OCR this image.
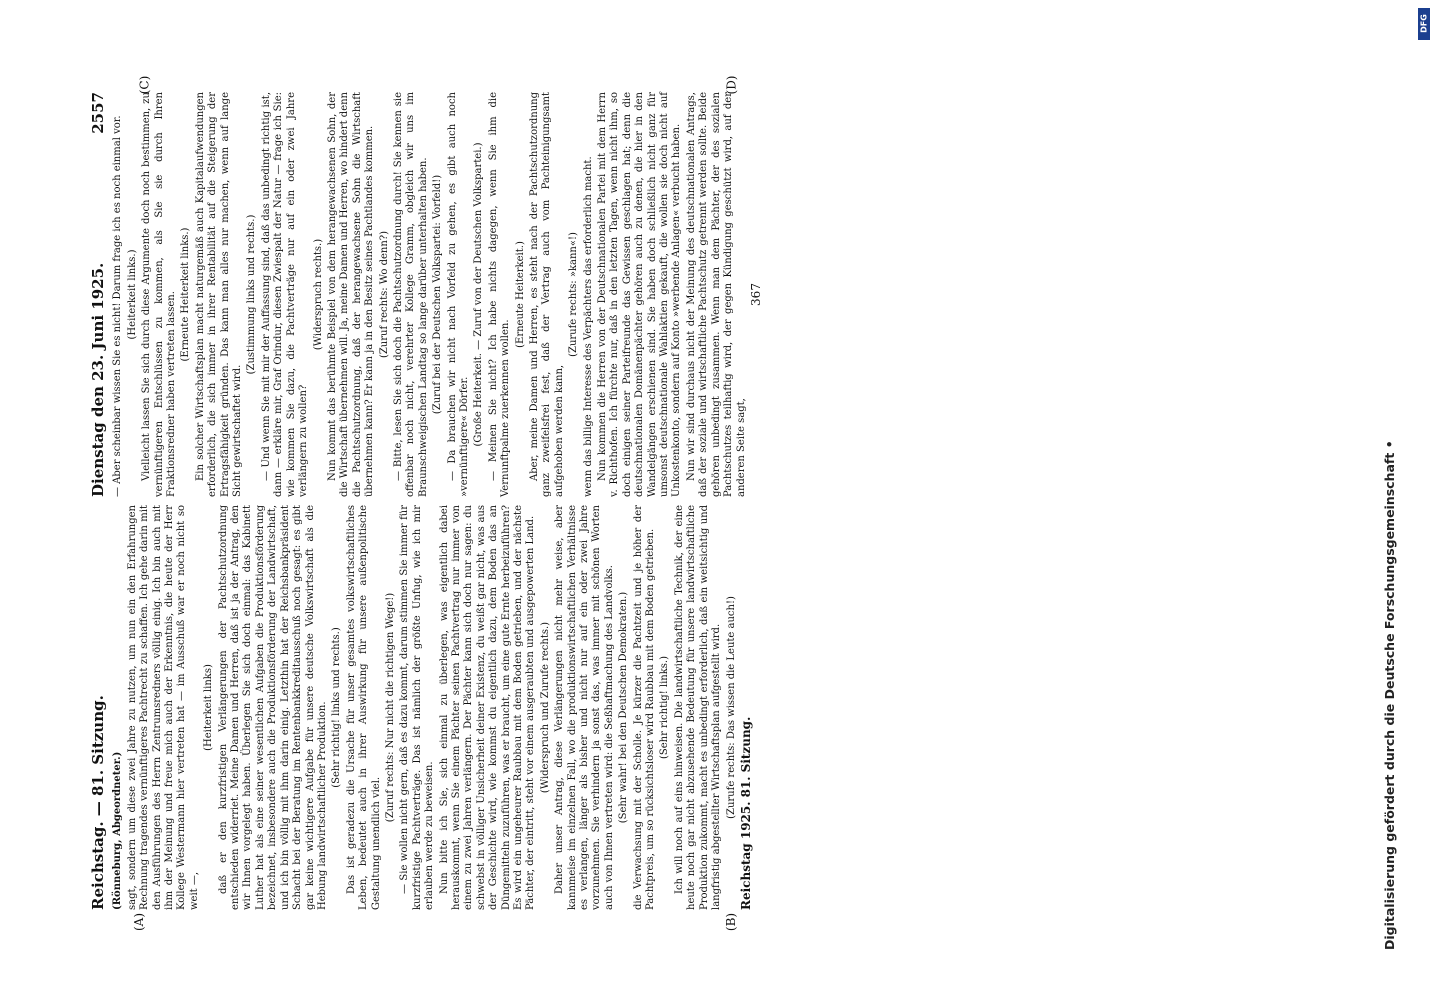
Reichstag. — 81. Sitzung. (Rönneburg, Abgeordneter.) sagt, sondern um diese zwei Jahre zu nutzen, um nun ein den Erfahrungen Rechnung tragendes vernünftigeres Pachtrecht zu schaffen. Ich gehe darin mit den Ausführungen des Herrn Zentrumsredners völlig einig. Ich bin auch mit ihm der Meinung und freue mich auch der Erkenntnis, die heute der Herr Kollege Westermann hier vertreten hat — im Ausschuß war er noch nicht so weit —,

(Heiterkeit links) daß er den kurzfristigen Verlängerungen der Pachtschutzordnung entschieden widerriet. Meine Damen und Herren, daß ist ja der Antrag, den wir Ihnen vorgelegt haben. Überlegen Sie sich doch einmal: das Kabinett Luther hat als eine seiner wesentlichen Aufgaben die Produktionsförderung bezeichnet, insbesondere auch die Produktionsförderung der Landwirtschaft, und ich bin völlig mit ihm darin einig. Letzthin hat der Reichsbankpräsident Schacht bei der Beratung im Rentenbankkreditausschuß noch gesagt: es gibt gar keine wichtigere Aufgabe für unsere deutsche Volkswirtschaft als die Hebung landwirtschaftlicher Produktion. (Sehr richtig! links und rechts.) Das ist geradezu die Ursache für unser gesamtes volkswirtschaftliches Leben, bedeutet auch in ihrer Auswirkung für unsere außenpolitische Gestaltung unendlich viel.

(Zuruf rechts: Nur nicht die richtigen Wege!) — Sie wollen nicht gern, daß es dazu kommt, darum stimmen Sie immer für kurzfristige Pachtverträge. Das ist nämlich der größte Unfug, wie ich mir erlauben werde zu beweisen. Nun bitte ich Sie, sich einmal zu überlegen, was eigentlich dabei herauskommt, wenn Sie einem Pächter seinen Pachtvertrag nur immer von einem zu zwei Jahren verlängern. Der Pächter kann sich doch nur sagen: du schwebst in völliger Unsicherheit deiner Existenz, du weißt gar nicht, was aus der Geschichte wird, wie kommst du eigentlich dazu, dem Boden das an Düngemitteln zuzuführen, was er braucht, um eine gute Ernte herbeizuführen? Es wird ein ungeheurer Raubbau mit dem Boden getrieben, und der nächste Pächter, der eintritt, steht vor einem ausgeraubten und ausgepowerten Land. (Widerspruch und Zurufe rechts.) Daher unser Antrag, diese Verlängerungen nicht mehr weise, aber kannmeise im einzelnen Fall, wo die produktionswirtschaftlichen Verhältnisse es verlangen, länger als bisher und nicht nur auf ein oder zwei Jahre vorzunehmen. Sie verhindern ja sonst das, was immer mit schönen Worten auch von Ihnen vertreten wird: die Seßhaftmachung des Landvolks. (Sehr wahr! bei den Deutschen Demokraten.) die Verwachsung mit der Scholle. Je kürzer die Pachtzeit und je höher der Pachtpreis, um so rücksichtsloser wird Raubbau mit dem Boden getrieben. (Sehr richtig! links.) Ich will noch auf eins hinweisen. Die landwirtschaftliche Technik, der eine heute noch gar nicht abzusehende Bedeutung für unsere landwirtschaftliche Produktion zukommt, macht es unbedingt erforderlich, daß ein weitsichtig und langfristig abgestellter Wirtschaftsplan aufgestellt wird. (Zurufe rechts: Das wissen die Leute auch!) Reichstag 1925. 81. Sitzung.

(A)	(B)
(C)	(D)
Dienstag den 23. Juni 1925.
2557

— Aber scheinbar wissen Sie es nicht! Darum frage ich es noch einmal vor. (Heiterkeit links.) Vielleicht lassen Sie sich durch diese Argumente doch noch bestimmen, zu vernünftigeren Entschlüssen zu kommen, als Sie sie durch Ihren Fraktionsredner haben vertreten lassen. (Erneute Heiterkeit links.) Ein solcher Wirtschaftsplan macht naturgemäß auch Kapitalaufwendungen erforderlich, die sich immer in ihrer Rentabilität auf die Steigerung der Ertragsfähigkeit gründen. Das kann man alles nur machen, wenn auf lange Sicht gewirtschaftet wird.

(Zustimmung links und rechts.) — Und wenn Sie mit mir der Auffassung sind, daß das unbedingt richtig ist, dann — erkläre mir, Graf Orindur, diesen Zwiespalt der Natur — frage ich Sie: wie kommen Sie dazu, die Pachtverträge nur auf ein oder zwei Jahre verlängern zu wollen?

(Widerspruch rechts.) Nun kommt das berühmte Beispiel von dem herangewachsenen Sohn, der die Wirtschaft übernehmen will. Ja, meine Damen und Herren, wo hindert denn die Pachtschutzordnung, daß der herangewachsene Sohn die Wirtschaft übernehmen kann? Er kann ja in den Besitz seines Pachtlandes kommen. (Zuruf rechts: Wo denn?) — Bitte, lesen Sie sich doch die Pachtschutzordnung durch! Sie kennen sie offenbar noch nicht, verehrter Kollege Gramm, obgleich wir uns im Braunschweigischen Landtag so lange darüber unterhalten haben. (Zuruf bei der Deutschen Volkspartei: Vorfeld!) — Da brauchen wir nicht nach Vorfeld zu gehen, es gibt auch noch »vernünftigere« Dörfer. (Große Heiterkeit. — Zuruf von der Deutschen Volkspartei.) — Meinen Sie nicht? Ich habe nichts dagegen, wenn Sie ihm die Vernunftpalme zuerkennen wollen.

(Erneute Heiterkeit.) Aber, meine Damen und Herren, es steht nach der Pachtschutzordnung ganz zweifelsfrei fest, daß der Vertrag auch vom Pachteinigungsamt aufgehoben werden kann,

(Zurufe rechts: »kann«!) wenn das billige Interesse des Verpächters das erforderlich macht. Nun kommen die Herren von der Deutschnationalen Partei mit dem Herrn v. Richthofen. Ich fürchte nur, daß in den letzten Tagen, wenn nicht ihm, so doch einigen seiner Parteifreunde das Gewissen geschlagen hat; denn die deutschnationalen Domänenpächter gehören auch zu denen, die hier in den Wandelgängen erschienen sind. Sie haben doch schließlich nicht ganz für umsonst deutschnationale Wahlaktien gekauft, die wollen sie doch nicht auf Unkostenkonto, sondern auf Konto »werbende Anlagen« verbucht haben. Nun wir sind durchaus nicht der Meinung des deutschnationalen Antrags, daß der soziale und wirtschaftliche Pachtschutz getrennt werden sollte. Beide gehören unbedingt zusammen. Wenn man dem Pächter, der des sozialen Pachtschutzes teilhaftig wird, der gegen Kündigung geschützt wird, auf der anderen Seite sagt,

367
Digitalisierung gefördert durch die Deutsche Forschungsgemeinschaft •
DFG
